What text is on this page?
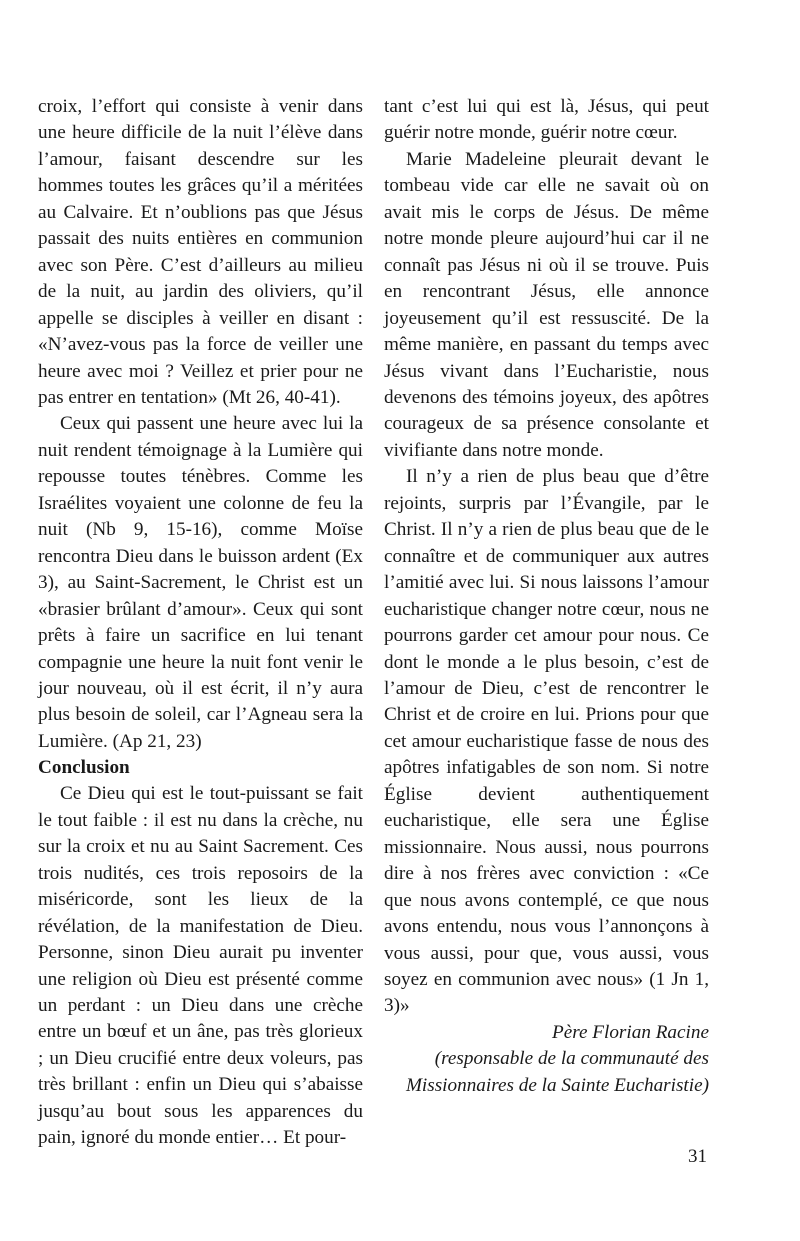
croix, l’effort qui consiste à venir dans une heure difficile de la nuit l’élève dans l’amour, faisant descendre sur les hommes toutes les grâces qu’il a méritées au Calvaire. Et n’oublions pas que Jésus passait des nuits entières en communion avec son Père. C’est d’ailleurs au milieu de la nuit, au jardin des oliviers, qu’il appelle se disciples à veiller en disant : «N’avez-vous pas la force de veiller une heure avec moi ? Veillez et prier pour ne pas entrer en tentation» (Mt 26, 40-41).

Ceux qui passent une heure avec lui la nuit rendent témoignage à la Lumière qui repousse toutes ténèbres. Comme les Israélites voyaient une colonne de feu la nuit (Nb 9, 15-16), comme Moïse rencontra Dieu dans le buisson ardent (Ex 3), au Saint-Sacrement, le Christ est un «brasier brûlant d’amour». Ceux qui sont prêts à faire un sacrifice en lui tenant compagnie une heure la nuit font venir le jour nouveau, où il est écrit, il n’y aura plus besoin de soleil, car l’Agneau sera la Lumière. (Ap 21, 23)

Conclusion

Ce Dieu qui est le tout-puissant se fait le tout faible : il est nu dans la crèche, nu sur la croix et nu au Saint Sacrement. Ces trois nudités, ces trois reposoirs de la miséricorde, sont les lieux de la révélation, de la manifestation de Dieu. Personne, sinon Dieu aurait pu inventer une religion où Dieu est présenté comme un perdant : un Dieu dans une crèche entre un bœuf et un âne, pas très glorieux ; un Dieu crucifié entre deux voleurs, pas très brillant : enfin un Dieu qui s’abaisse jusqu’au bout sous les apparences du pain, ignoré du monde entier… Et pour-

tant c’est lui qui est là, Jésus, qui peut guérir notre monde, guérir notre cœur.

Marie Madeleine pleurait devant le tombeau vide car elle ne savait où on avait mis le corps de Jésus. De même notre monde pleure aujourd’hui car il ne connaît pas Jésus ni où il se trouve. Puis en rencontrant Jésus, elle annonce joyeusement qu’il est ressuscité. De la même manière, en passant du temps avec Jésus vivant dans l’Eucharistie, nous devenons des témoins joyeux, des apôtres courageux de sa présence consolante et vivifiante dans notre monde.

Il n’y a rien de plus beau que d’être rejoints, surpris par l’Évangile, par le Christ. Il n’y a rien de plus beau que de le connaître et de communiquer aux autres l’amitié avec lui. Si nous laissons l’amour eucharistique changer notre cœur, nous ne pourrons garder cet amour pour nous. Ce dont le monde a le plus besoin, c’est de l’amour de Dieu, c’est de rencontrer le Christ et de croire en lui. Prions pour que cet amour eucharistique fasse de nous des apôtres infatigables de son nom. Si notre Église devient authentiquement eucharistique, elle sera une Église missionnaire. Nous aussi, nous pourrons dire à nos frères avec conviction : «Ce que nous avons contemplé, ce que nous avons entendu, nous vous l’annonçons à vous aussi, pour que, vous aussi, vous soyez en communion avec nous» (1 Jn 1, 3)»

Père Florian Racine

(responsable de la communauté des
Missionnaires de la Sainte Eucharistie)

31
